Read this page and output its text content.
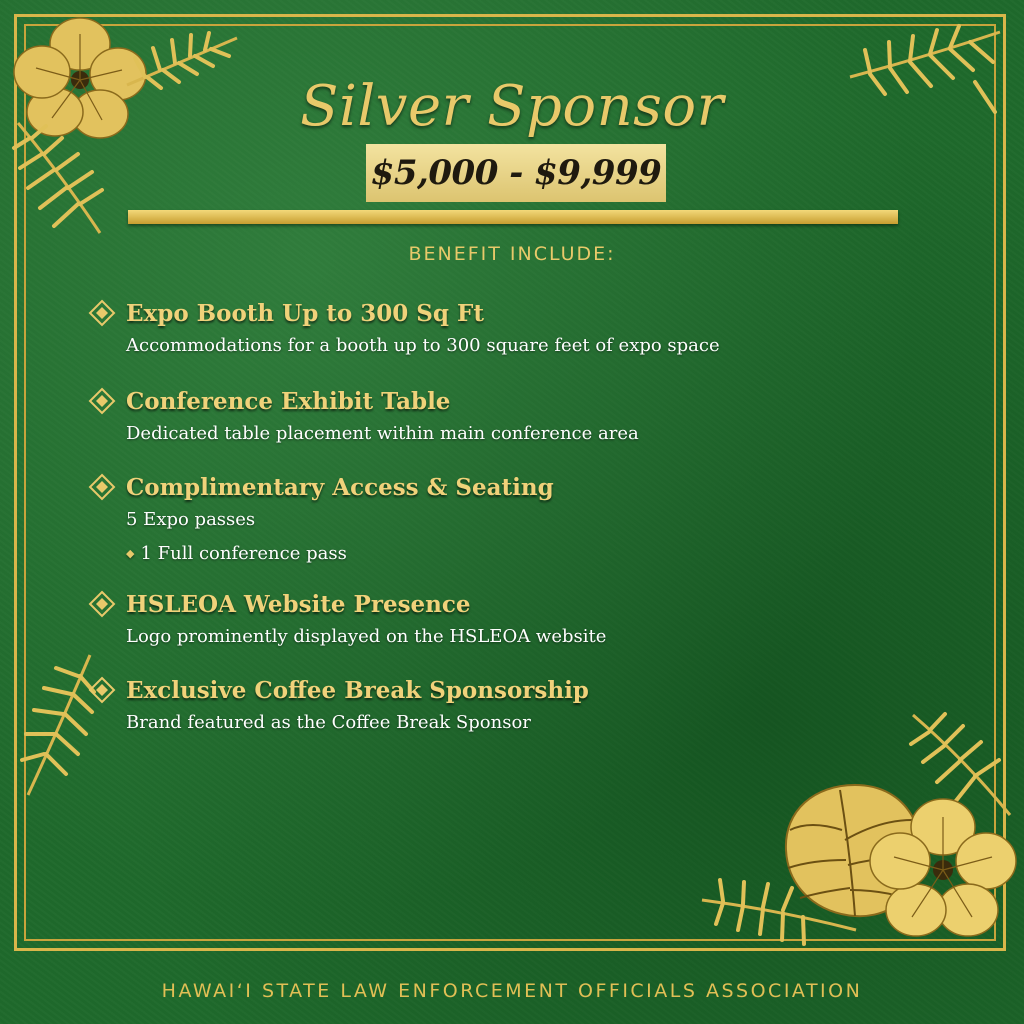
Silver Sponsor
$5,000 - $9,999
BENEFIT INCLUDE:
Expo Booth Up to 300 Sq Ft
Accommodations for a booth up to 300 square feet of expo space
Conference Exhibit Table
Dedicated table placement within main conference area
Complimentary Access & Seating
5 Expo passes
◆ 1 Full conference pass
HSLEOA Website Presence
Logo prominently displayed on the HSLEOA website
Exclusive Coffee Break Sponsorship
Brand featured as the Coffee Break Sponsor
HAWAI‘I STATE LAW ENFORCEMENT OFFICIALS ASSOCIATION
